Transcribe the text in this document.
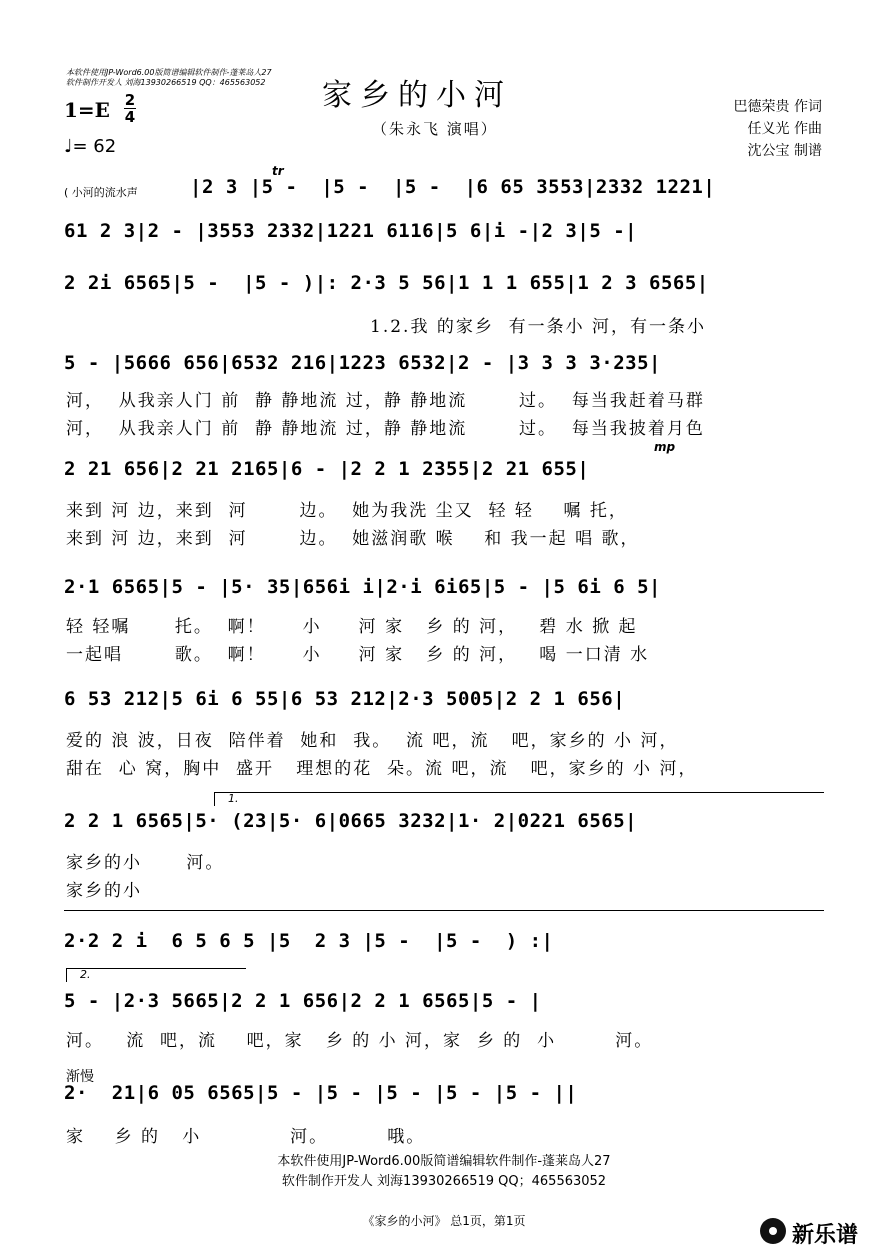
本软件使用JP-Word6.00版简谱编辑软件制作-蓬莱岛人27
软件制作开发人 刘海13930266519 QQ：465563052 家乡的小河
（朱永飞 演唱）
巴德荣贵 作词
任义光 作曲
沈公宝 制谱
1=E 2
4
♩= 62
tr
mp
渐慢
( 小河的流水声	|2 3 |5 -  |5 -  |5 -  |6 65 3553|2332 1221|
61 2 3|2 - |3553 2332|1221 6116|5 6|i -|2 3|5 -|
2 2i 6565|5 -  |5 - )|: 2·3 5 56|1 1 1 655|1 2 3 6565|
1.2.我 的家乡  有一条小 河，有一条小
5 - |5666 656|6532 216|1223 6532|2 - |3 3 3 3·235|
河，  从我亲人门 前  静 静地流 过，静 静地流       过。  每当我赶着马群
河，  从我亲人门 前  静 静地流 过，静 静地流       过。  每当我披着月色
2 21 656|2 21 2165|6 - |2 2 1 2355|2 21 655|
来到 河 边，来到  河       边。  她为我洗 尘又  轻 轻    嘱 托，
来到 河 边，来到  河       边。  她滋润歌 喉    和 我一起 唱 歌，
2·1 6565|5 - |5· 35|656i i|2·i 6i65|5 - |5 6i 6 5|
轻 轻嘱      托。  啊！     小     河 家   乡 的 河，   碧 水 掀 起
一起唱       歌。  啊！     小     河 家   乡 的 河，   喝 一口清 水
6 53 212|5 6i 6 55|6 53 212|2·3 5005|2 2 1 656|
爱的 浪 波，日夜  陪伴着  她和  我。  流 吧，流   吧，家乡的 小 河，
甜在  心 窝，胸中  盛开   理想的花  朵。流 吧，流   吧，家乡的 小 河，
1.
2 2 1 6565|5· (23|5· 6|0665 3232|1· 2|0221 6565|
家乡的小      河。
家乡的小
2·2 2 i  6 5 6 5 |5  2 3 |5 -  |5 -  ) :|
2.
5 - |2·3 5665|2 2 1 656|2 2 1 6565|5 - |
河。   流  吧，流    吧，家   乡 的 小 河，家  乡 的  小        河。
2·  21|6 05 6565|5 - |5 - |5 - |5 - |5 - ||
家    乡 的   小            河。        哦。
本软件使用JP-Word6.00版简谱编辑软件制作-蓬莱岛人27
软件制作开发人 刘海13930266519 QQ；465563052
《家乡的小河》 总1页，第1页
新乐谱
